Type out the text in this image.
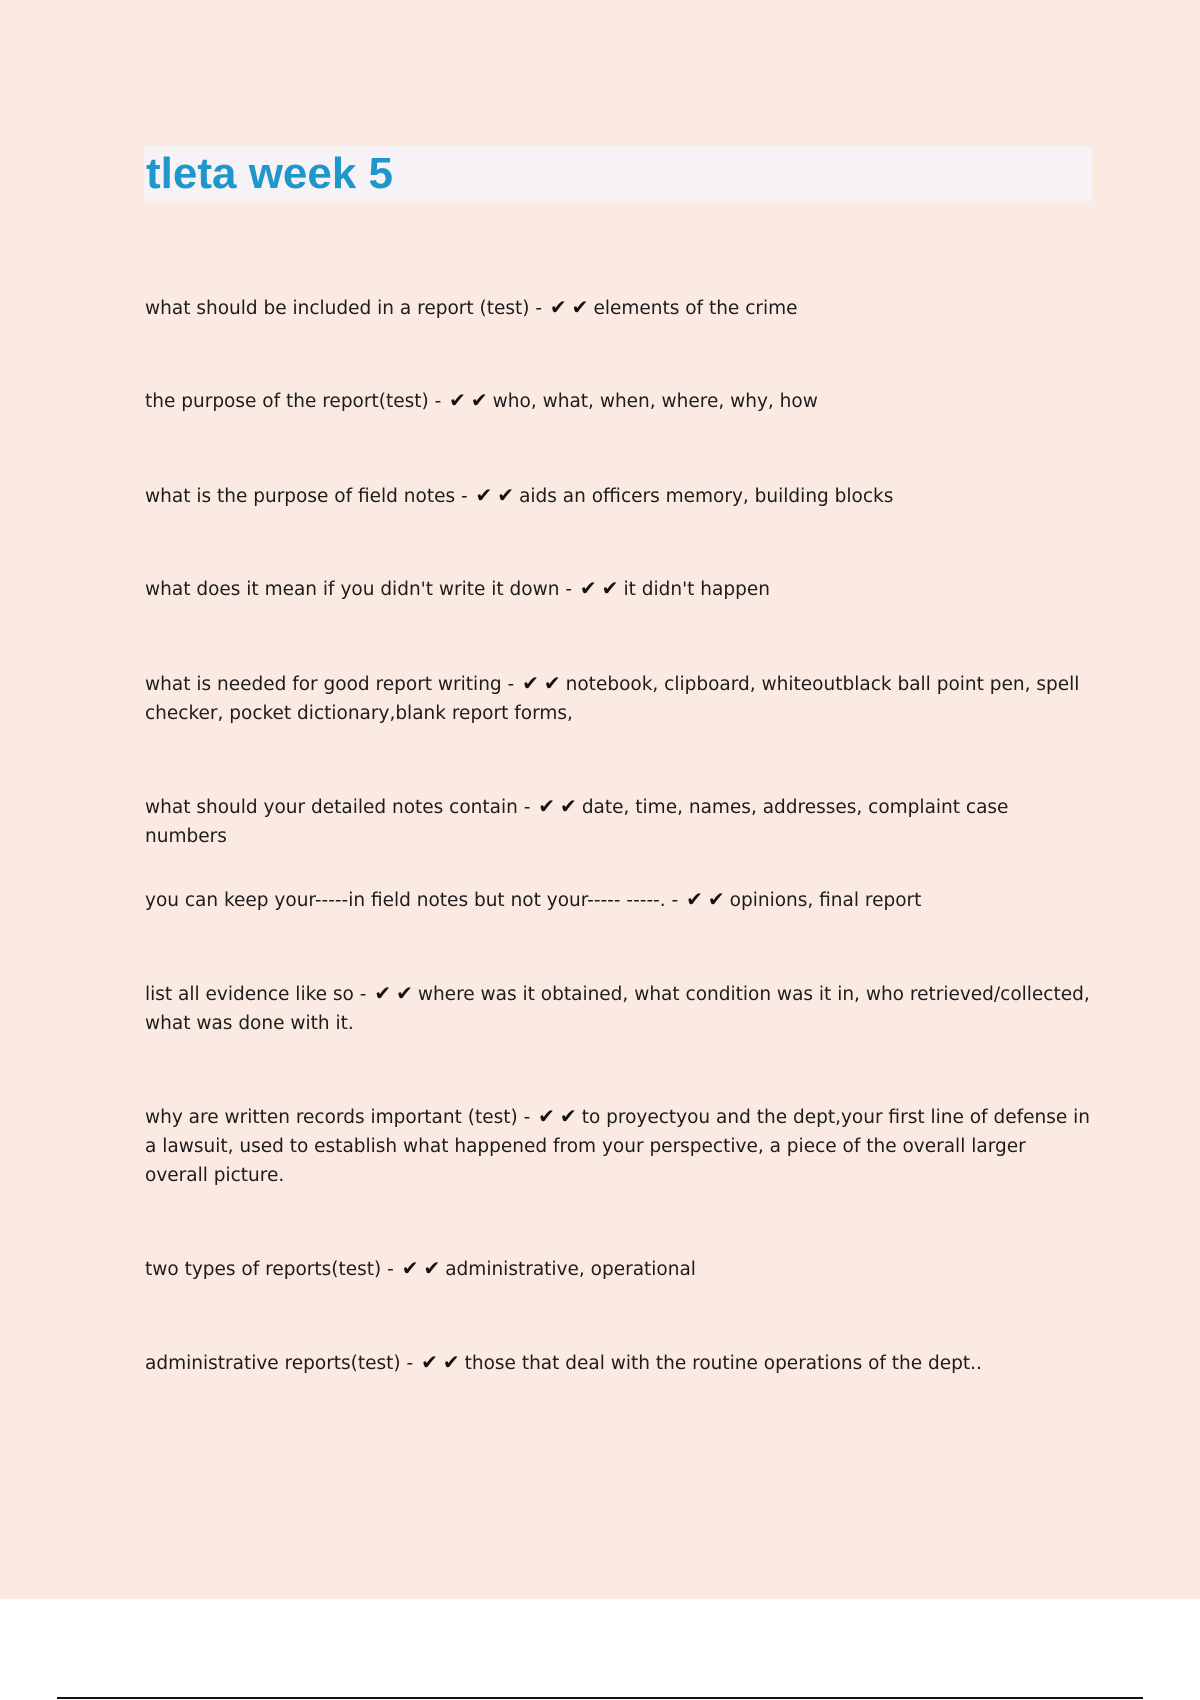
tleta week 5

what should be included in a report (test) - ✔✔elements of the crime

the purpose of the report(test) - ✔✔who, what, when, where, why, how

what is the purpose of field notes - ✔✔aids an officers memory, building blocks

what does it mean if you didn't write it down - ✔✔it didn't happen

what is needed for good report writing - ✔✔notebook, clipboard, whiteoutblack ball point pen, spell checker, pocket dictionary,blank report forms,

what should your detailed notes contain - ✔✔date, time, names, addresses, complaint case numbers

you can keep your-----in field notes but not your----- -----. - ✔✔opinions, final report

list all evidence like so - ✔✔where was it obtained, what condition was it in, who retrieved/collected, what was done with it.

why are written records important (test) - ✔✔to proyectyou and the dept,your first line of defense in a lawsuit, used to establish what happened from your perspective, a piece of the overall larger overall picture.

two types of reports(test) - ✔✔administrative, operational

administrative reports(test) - ✔✔those that deal with the routine operations of the dept..
